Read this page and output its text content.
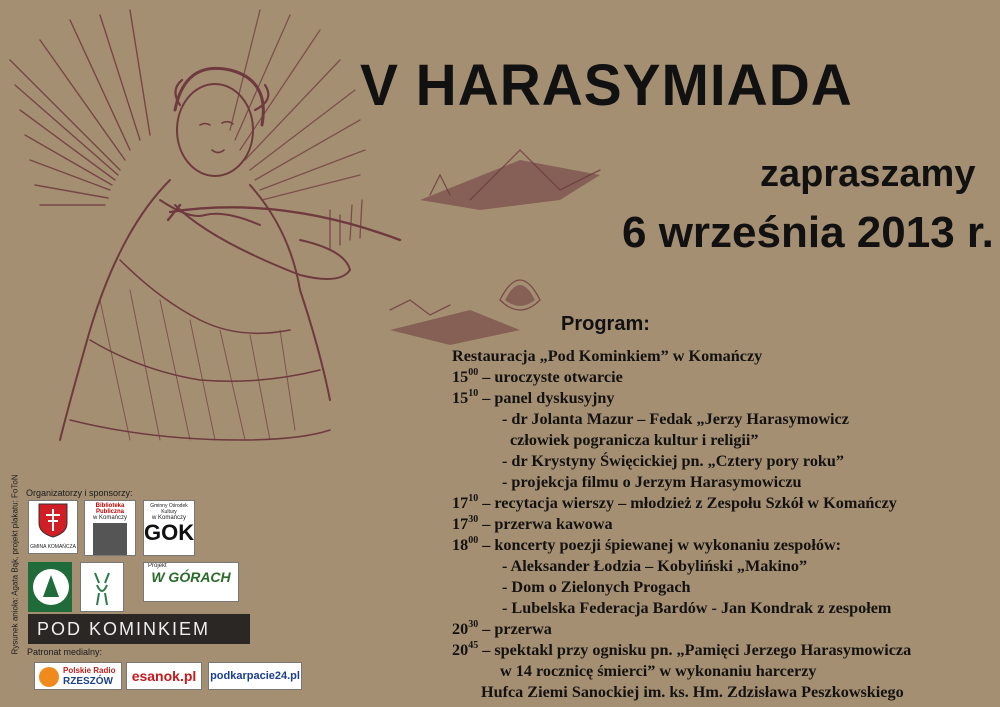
V HARASYMIADA
zapraszamy
6 września 2013 r.
Program:
Restauracja „Pod Kominkiem” w Komańczy
$15^{00}$ – uroczyste otwarcie
$15^{10}$ – panel dyskusyjny
- dr Jolanta Mazur – Fedak „Jerzy Harasymowicz
człowiek pogranicza kultur i religii”
- dr Krystyny Święcickiej pn. „Cztery pory roku”
- projekcja filmu o Jerzym Harasymowiczu
$17^{10}$ – recytacja wierszy – młodzież z Zespołu Szkół w Komańczy
$17^{30}$ – przerwa kawowa
$18^{00}$ – koncerty poezji śpiewanej w wykonaniu zespołów:
- Aleksander Łodzia – Kobyliński „Makino”
- Dom o Zielonych Progach
- Lubelska Federacja Bardów - Jan Kondrak z zespołem
$20^{30}$ – przerwa
$20^{45}$ – spektakl przy ognisku pn. „Pamięci Jerzego Harasymowicza
w 14 rocznicę śmierci” w wykonaniu harcerzy
Hufca Ziemi Sanockiej im. ks. Hm. Zdzisława Peszkowskiego
Rysunek anioła: Agata Bąk, projekt plakatu: FoToN Organizatorzy i sponsorzy:
GMINA KOMAŃCZA
Biblioteka Publiczna
w Komańczy
Gminny Ośrodek Kultury
w Komańczy
GOK
Projekt
W GÓRACH
POD KOMINKIEM
Patronat medialny:
Polskie Radio
RZESZÓW	esanok.pl	podkarpacie24.pl
